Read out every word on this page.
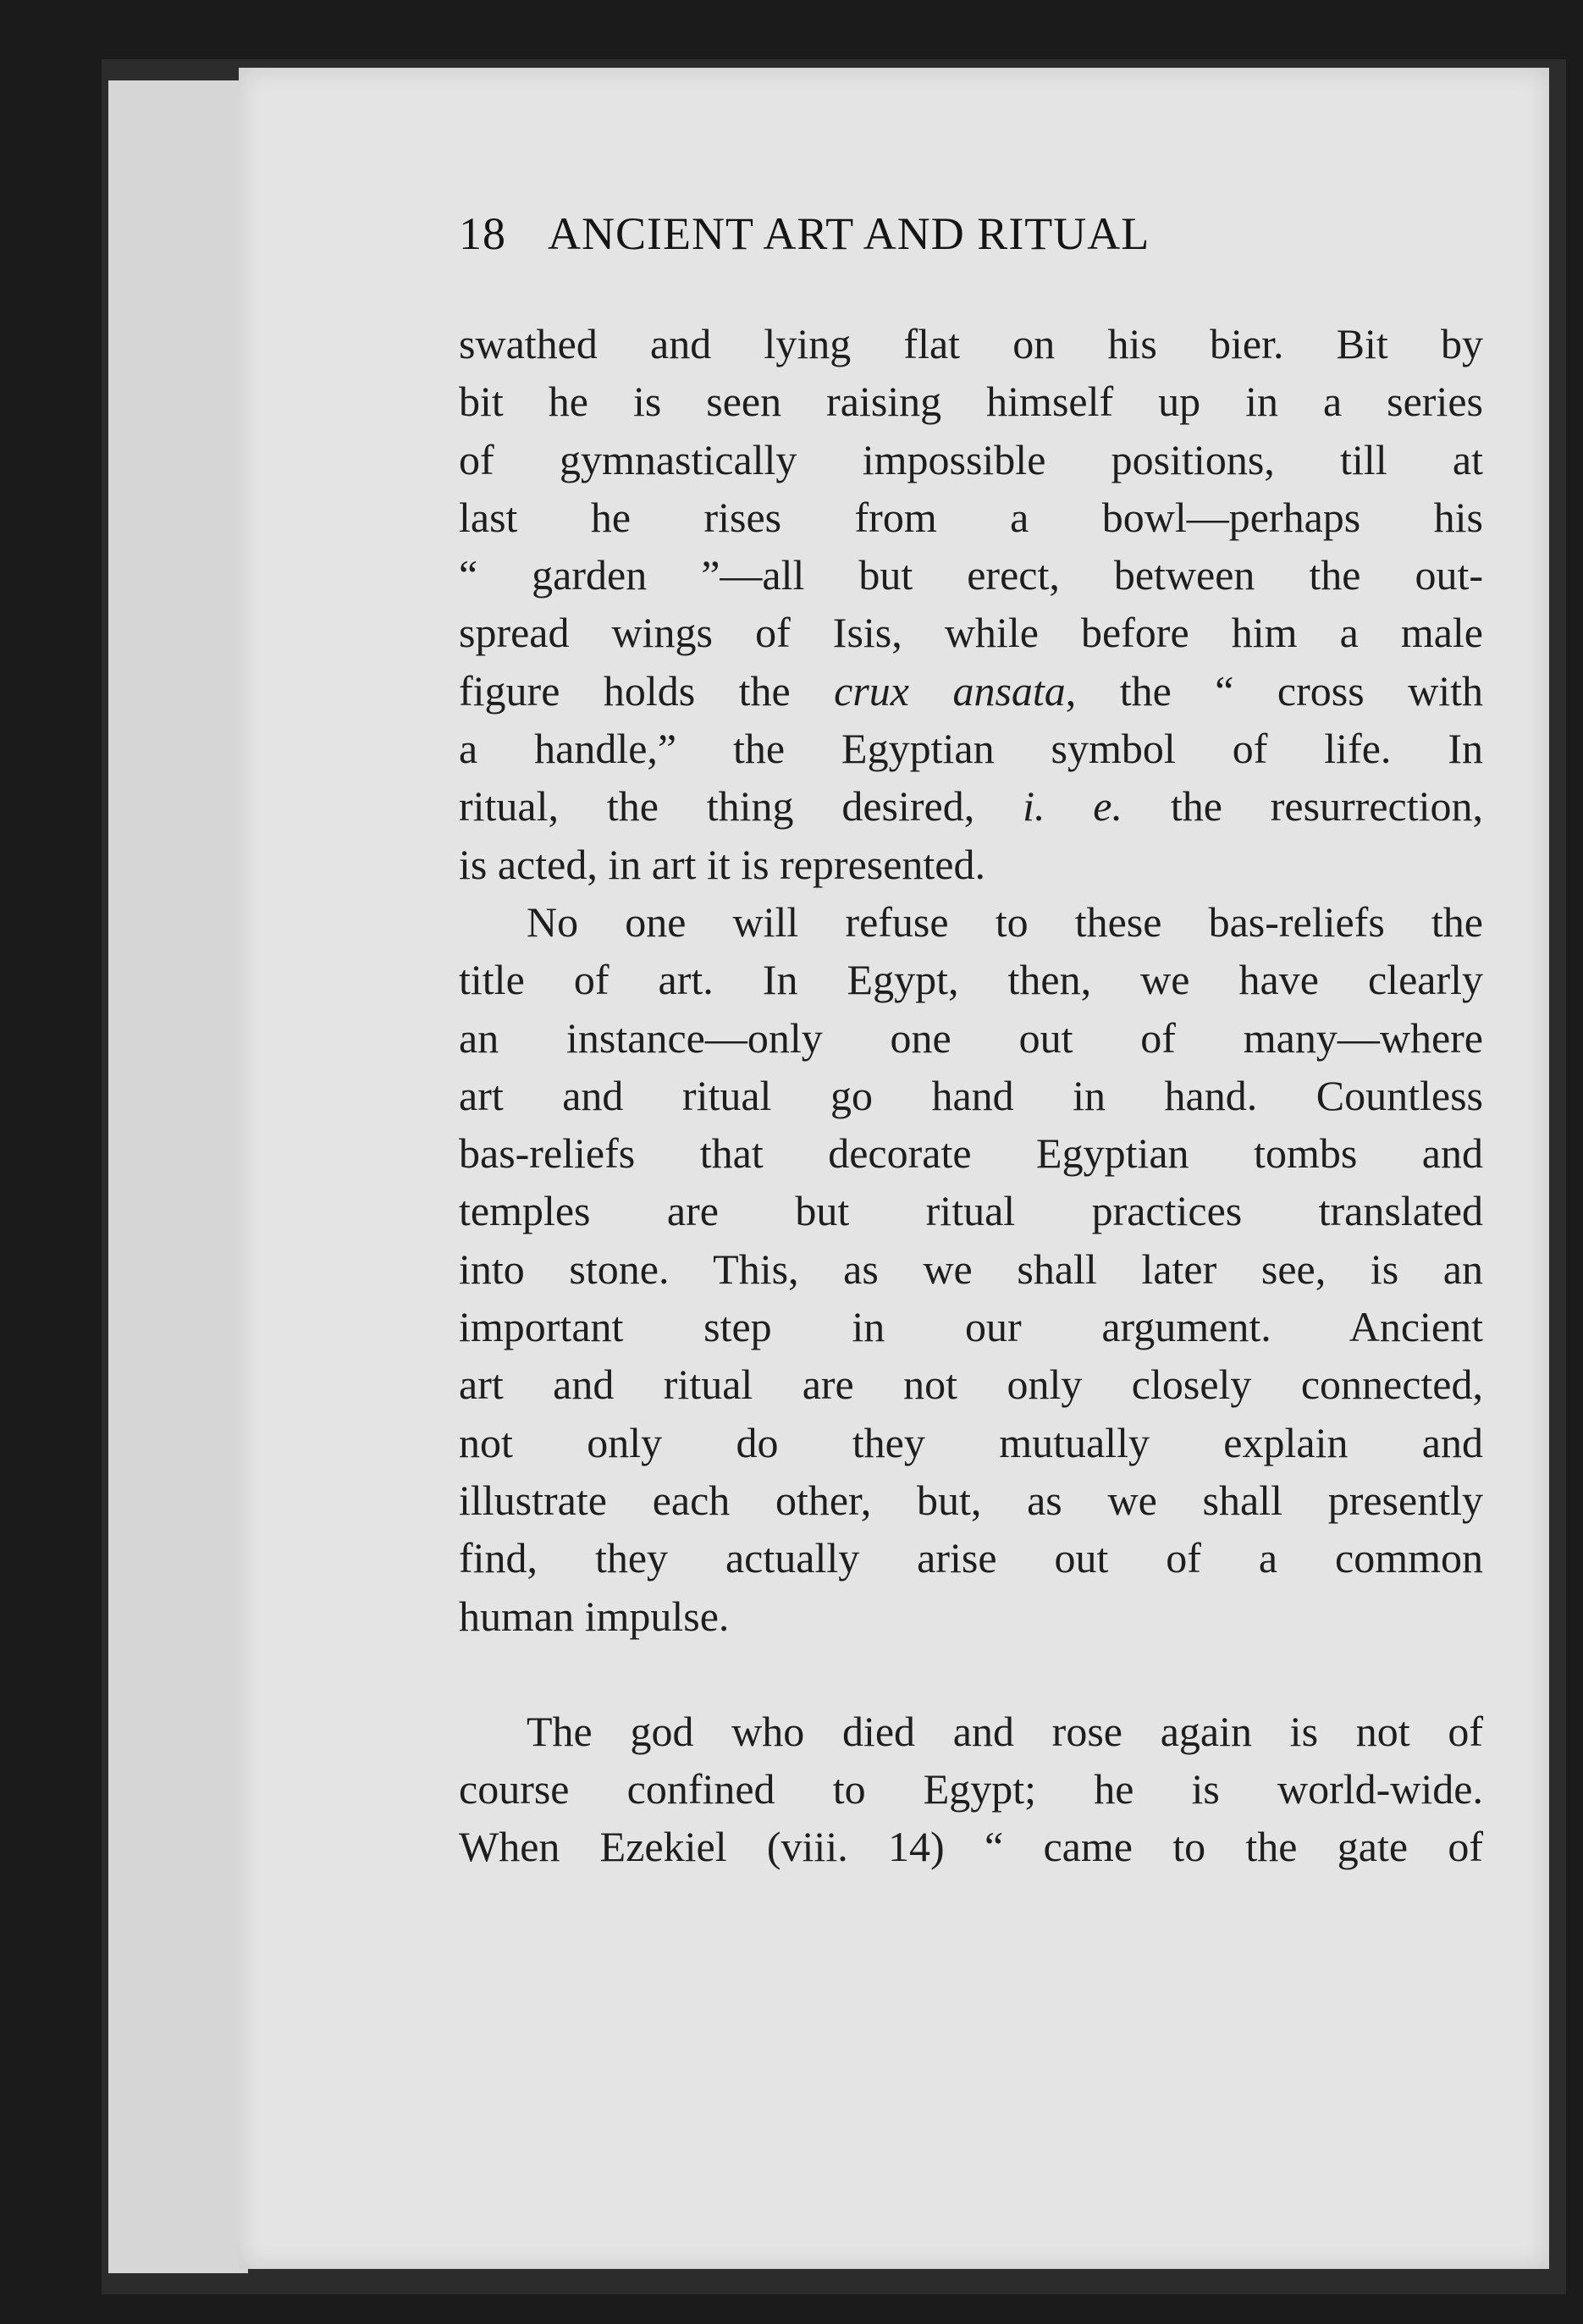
18 ANCIENT ART AND RITUAL
swathed and lying flat on his bier. Bit by
bit he is seen raising himself up in a series
of gymnastically impossible positions, till at
last he rises from a bowl—perhaps his
“ garden ”—all but erect, between the out-
spread wings of Isis, while before him a male
figure holds the crux ansata, the “ cross with
a handle,” the Egyptian symbol of life. In
ritual, the thing desired, i. e. the resurrection,
is acted, in art it is represented.
No one will refuse to these bas-reliefs the
title of art. In Egypt, then, we have clearly
an instance—only one out of many—where
art and ritual go hand in hand. Countless
bas-reliefs that decorate Egyptian tombs and
temples are but ritual practices translated
into stone. This, as we shall later see, is an
important step in our argument. Ancient
art and ritual are not only closely connected,
not only do they mutually explain and
illustrate each other, but, as we shall presently
find, they actually arise out of a common
human impulse.
The god who died and rose again is not of
course confined to Egypt; he is world-wide.
When Ezekiel (viii. 14) “ came to the gate of
